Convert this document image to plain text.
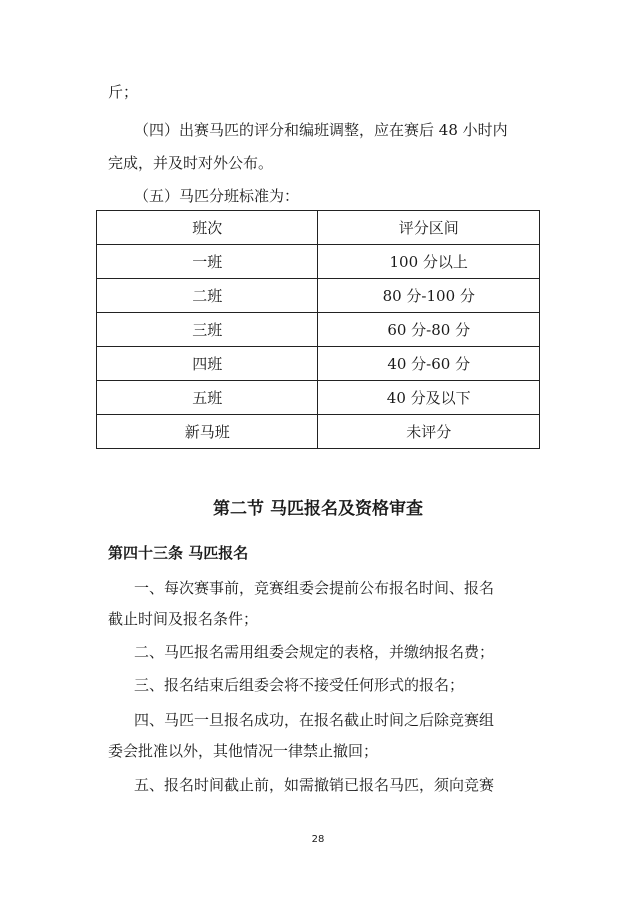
斤；
（四）出赛马匹的评分和编班调整，应在赛后 48 小时内
完成，并及时对外公布。
（五）马匹分班标准为：
班次	评分区间
一班	100 分以上
二班	80 分-100 分
三班	60 分-80 分
四班	40 分-60 分
五班	40 分及以下
新马班	未评分
第二节 马匹报名及资格审查
第四十三条 马匹报名
一、每次赛事前，竞赛组委会提前公布报名时间、报名
截止时间及报名条件；
二、马匹报名需用组委会规定的表格，并缴纳报名费；
三、报名结束后组委会将不接受任何形式的报名；
四、马匹一旦报名成功，在报名截止时间之后除竞赛组
委会批准以外，其他情况一律禁止撤回；
五、报名时间截止前，如需撤销已报名马匹，须向竞赛
28
